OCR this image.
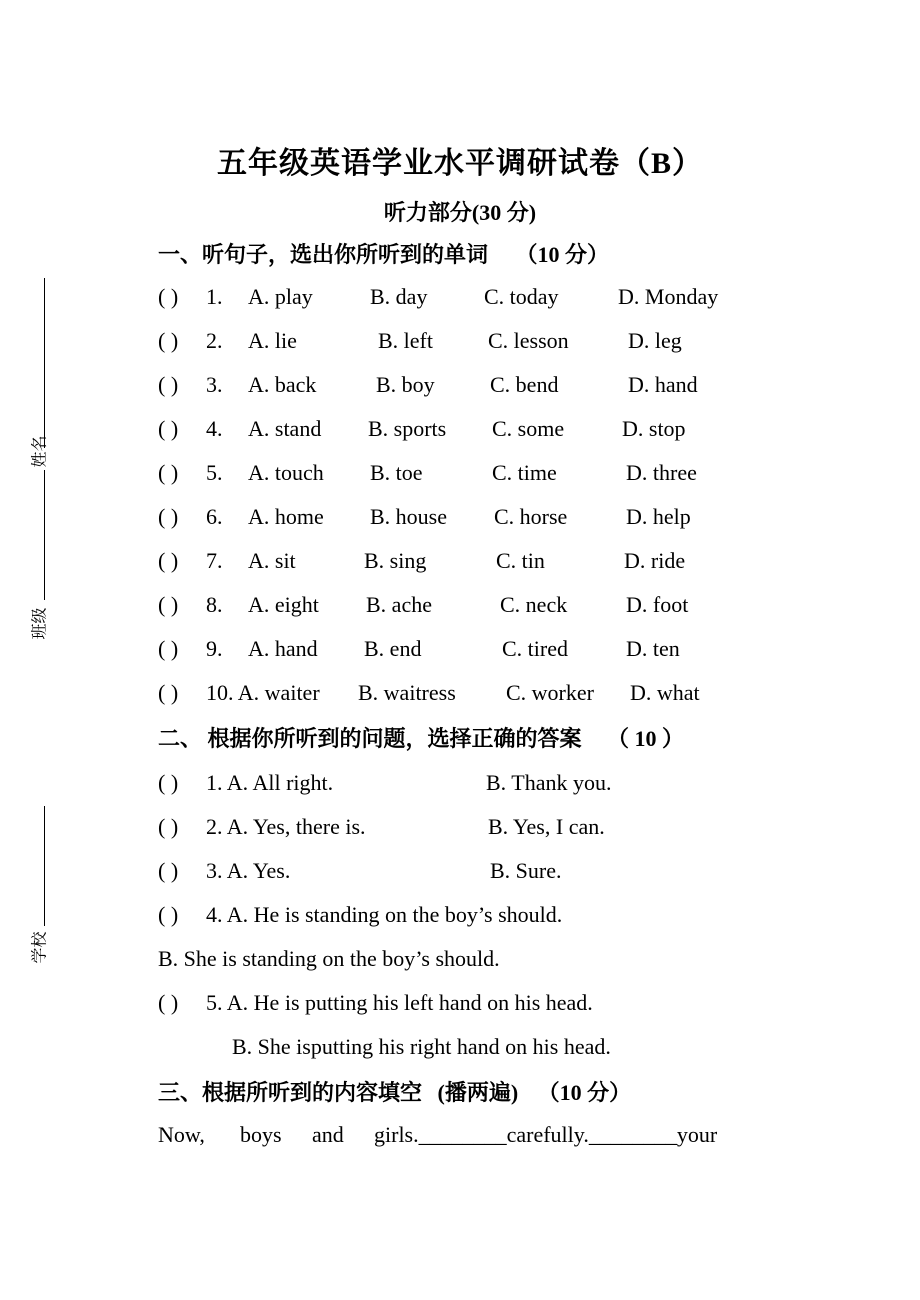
姓名
班级
学校
五年级英语学业水平调研试卷（B）
听力部分(30 分)
一、听句子，选出你所听到的单词 （10 分）
( ) 1. A. play	B. day	C. today	D. Monday
( ) 2. A. lie	B. left	C. lesson	D. leg
( ) 3. A. back	B. boy	C. bend	D. hand
( ) 4. A. stand B. sports C. some	D. stop
( ) 5. A. touch B. toe	C. time	D. three
( ) 6. A. home B. house C. horse	D. help
( ) 7. A. sit	B. sing	C. tin	D. ride
( ) 8. A. eight B. ache	C. neck	D. foot
( ) 9. A. hand B. end	C. tired	D. ten
( ) 10. A. waiter B. waitress C. worker D. what
二、 根据你所听到的问题，选择正确的答案 （ 10 ）
( ) 1. A. All right.	B. Thank you.
( ) 2. A. Yes, there is.	B. Yes, I can.
( ) 3. A. Yes.	B. Sure.
( ) 4. A. He is standing on the boy’s should.
B. She is standing on the boy’s should.
( ) 5. A. He is putting his left hand on his head.
B. She isputting his right hand on his head.
三、根据所听到的内容填空 (播两遍) （10 分）
Now, boys and girls.________carefully.________your
